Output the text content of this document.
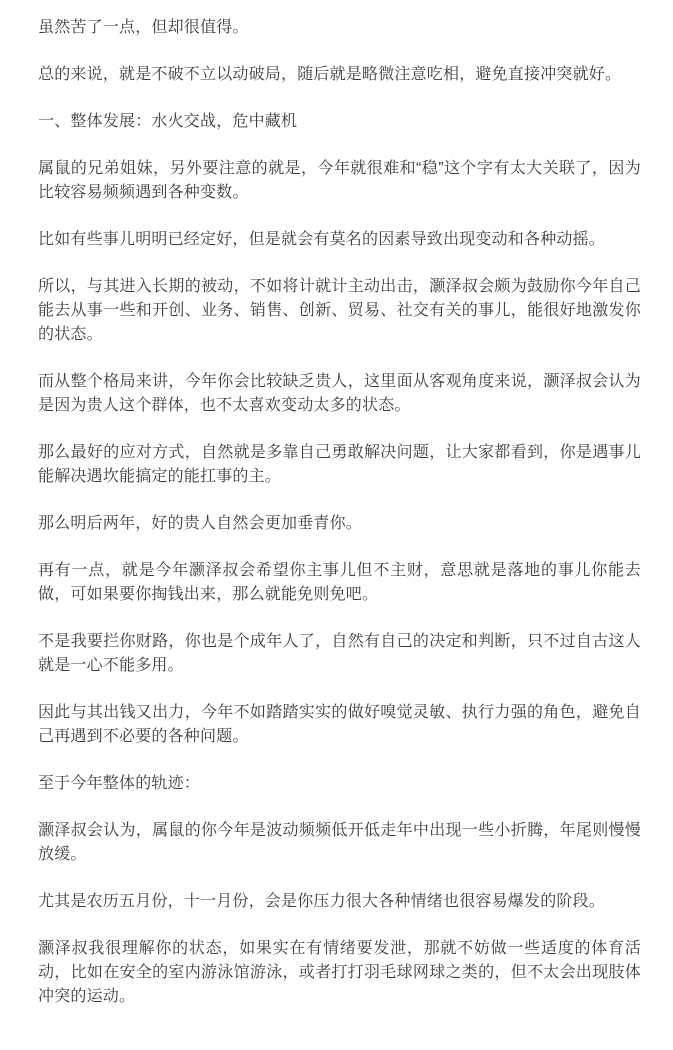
虽然苦了一点，但却很值得。

总的来说，就是不破不立以动破局，随后就是略微注意吃相，避免直接冲突就好。

一、整体发展：水火交战，危中藏机

属鼠的兄弟姐妹，另外要注意的就是，今年就很难和“稳”这个字有太大关联了，因为比较容易频频遇到各种变数。

比如有些事儿明明已经定好，但是就会有莫名的因素导致出现变动和各种动摇。

所以，与其进入长期的被动，不如将计就计主动出击，灏泽叔会颇为鼓励你今年自己能去从事一些和开创、业务、销售、创新、贸易、社交有关的事儿，能很好地激发你的状态。

而从整个格局来讲，今年你会比较缺乏贵人，这里面从客观角度来说，灏泽叔会认为是因为贵人这个群体，也不太喜欢变动太多的状态。

那么最好的应对方式，自然就是多靠自己勇敢解决问题，让大家都看到，你是遇事儿能解决遇坎能搞定的能扛事的主。

那么明后两年，好的贵人自然会更加垂青你。

再有一点，就是今年灏泽叔会希望你主事儿但不主财，意思就是落地的事儿你能去做，可如果要你掏钱出来，那么就能免则免吧。

不是我要拦你财路，你也是个成年人了，自然有自己的决定和判断，只不过自古这人就是一心不能多用。

因此与其出钱又出力，今年不如踏踏实实的做好嗅觉灵敏、执行力强的角色，避免自己再遇到不必要的各种问题。

至于今年整体的轨迹：

灏泽叔会认为，属鼠的你今年是波动频频低开低走年中出现一些小折腾，年尾则慢慢放缓。

尤其是农历五月份，十一月份，会是你压力很大各种情绪也很容易爆发的阶段。

灏泽叔我很理解你的状态，如果实在有情绪要发泄，那就不妨做一些适度的体育活动，比如在安全的室内游泳馆游泳，或者打打羽毛球网球之类的，但不太会出现肢体冲突的运动。
